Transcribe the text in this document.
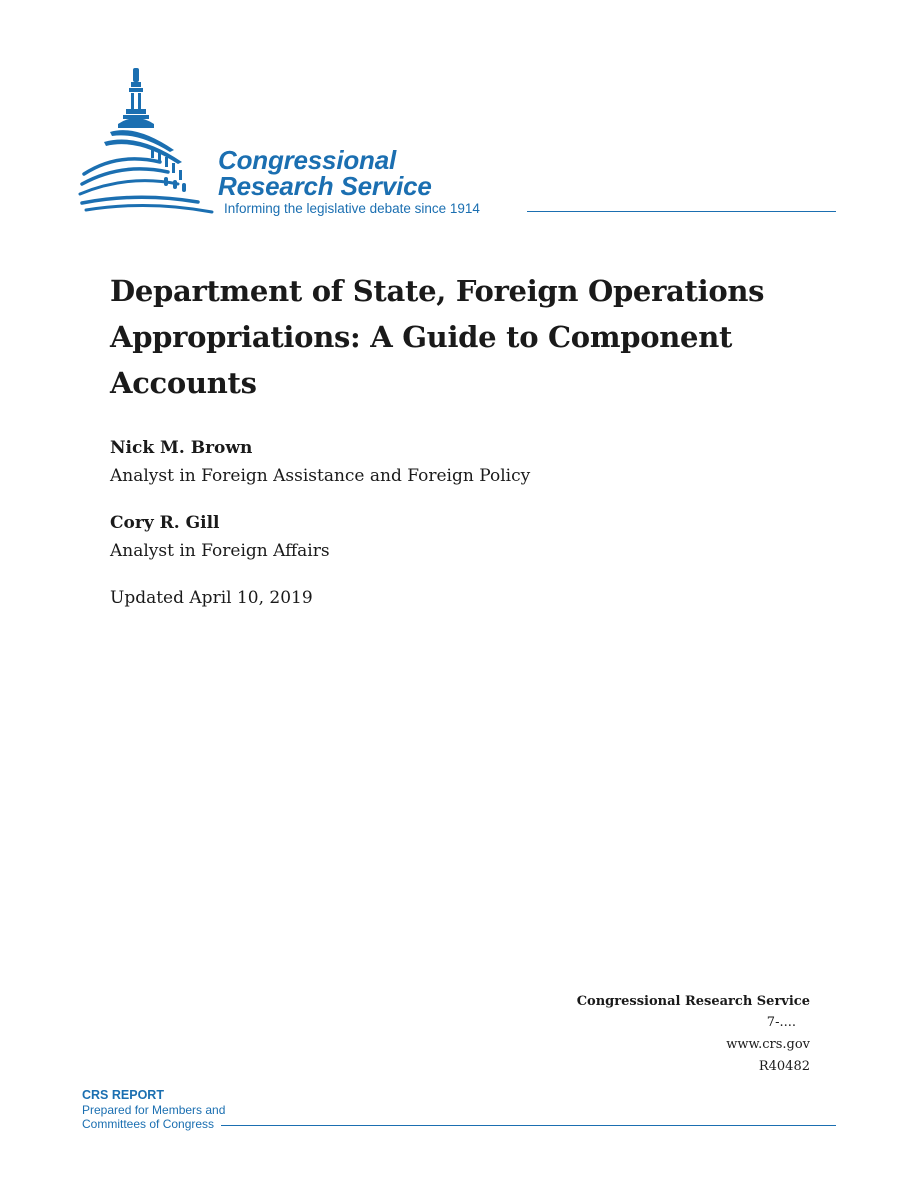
Congressional
Research Service
Informing the legislative debate since 1914
Department of State, Foreign Operations Appropriations: A Guide to Component Accounts
Nick M. Brown
Analyst in Foreign Assistance and Foreign Policy
Cory R. Gill
Analyst in Foreign Affairs
Updated April 10, 2019
Congressional Research Service
7-....
www.crs.gov
R40482
CRS REPORT
Prepared for Members and
Committees of Congress
